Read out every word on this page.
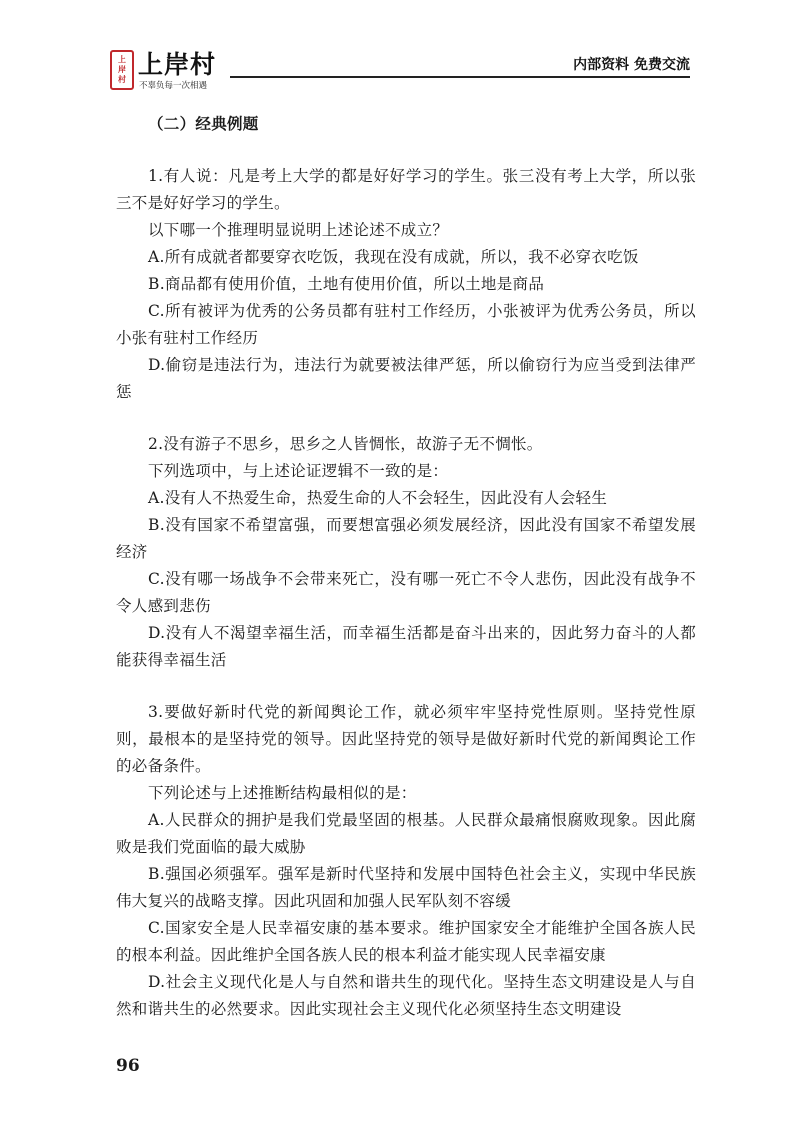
上
岸
村
上岸村
不辜负每一次相遇
内部资料 免费交流
（二）经典例题

1.有人说：凡是考上大学的都是好好学习的学生。张三没有考上大学，所以张三不是好好学习的学生。

以下哪一个推理明显说明上述论述不成立？

A.所有成就者都要穿衣吃饭，我现在没有成就，所以，我不必穿衣吃饭

B.商品都有使用价值，土地有使用价值，所以土地是商品

C.所有被评为优秀的公务员都有驻村工作经历，小张被评为优秀公务员，所以小张有驻村工作经历

D.偷窃是违法行为，违法行为就要被法律严惩，所以偷窃行为应当受到法律严惩

2.没有游子不思乡，思乡之人皆惆怅，故游子无不惆怅。

下列选项中，与上述论证逻辑不一致的是：

A.没有人不热爱生命，热爱生命的人不会轻生，因此没有人会轻生

B.没有国家不希望富强，而要想富强必须发展经济，因此没有国家不希望发展经济

C.没有哪一场战争不会带来死亡，没有哪一死亡不令人悲伤，因此没有战争不令人感到悲伤

D.没有人不渴望幸福生活，而幸福生活都是奋斗出来的，因此努力奋斗的人都能获得幸福生活

3.要做好新时代党的新闻舆论工作，就必须牢牢坚持党性原则。坚持党性原则，最根本的是坚持党的领导。因此坚持党的领导是做好新时代党的新闻舆论工作的必备条件。

下列论述与上述推断结构最相似的是：

A.人民群众的拥护是我们党最坚固的根基。人民群众最痛恨腐败现象。因此腐败是我们党面临的最大威胁

B.强国必须强军。强军是新时代坚持和发展中国特色社会主义，实现中华民族伟大复兴的战略支撑。因此巩固和加强人民军队刻不容缓

C.国家安全是人民幸福安康的基本要求。维护国家安全才能维护全国各族人民的根本利益。因此维护全国各族人民的根本利益才能实现人民幸福安康

D.社会主义现代化是人与自然和谐共生的现代化。坚持生态文明建设是人与自然和谐共生的必然要求。因此实现社会主义现代化必须坚持生态文明建设

96
